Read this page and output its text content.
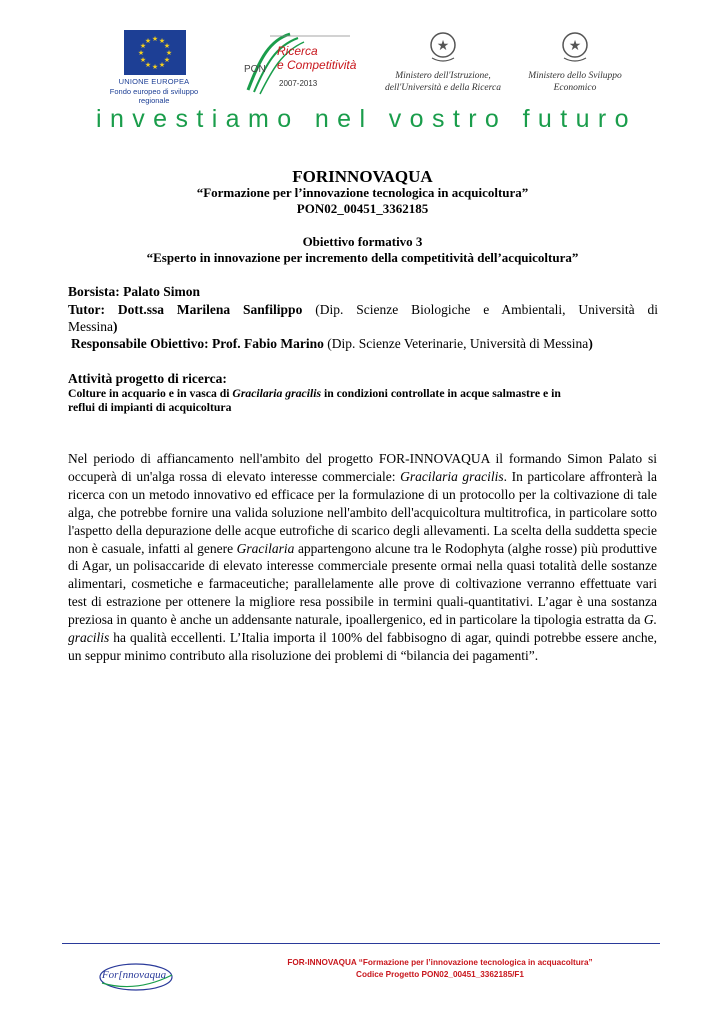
★ ★
★
★
★
★
★
★
★
★
★
★
UNIONE EUROPEA
Fondo europeo di sviluppo regionale
Ricerca
e Competitività
PON
2007-2013
★	★
Ministero dell'Istruzione, dell'Università e della Ricerca
Ministero dello Sviluppo Economico
investiamo nel vostro futuro
FORINNOVAQUA
“Formazione per l’innovazione tecnologica in acquicoltura”
PON02_00451_3362185
Obiettivo formativo 3
“Esperto in innovazione per incremento della competitività dell’acquicoltura”
Borsista: Palato Simon
Tutor: Dott.ssa Marilena Sanfilippo (Dip. Scienze Biologiche e Ambientali, Università di
Messina)
Responsabile Obiettivo: Prof. Fabio Marino (Dip. Scienze Veterinarie, Università di Messina)
Attività progetto di ricerca:
Colture in acquario e in vasca di Gracilaria gracilis in condizioni controllate in acque salmastre e in
reflui di impianti di acquicoltura
Nel periodo di affiancamento nell'ambito del progetto FOR-INNOVAQUA il formando Simon Palato si occuperà di un'alga rossa di elevato interesse commerciale: Gracilaria gracilis. In particolare affronterà la ricerca con un metodo innovativo ed efficace per la formulazione di un protocollo per la coltivazione di tale alga, che potrebbe fornire una valida soluzione nell'ambito dell'acquicoltura multitrofica, in particolare sotto l'aspetto della depurazione delle acque eutrofiche di scarico degli allevamenti. La scelta della suddetta specie non è casuale, infatti al genere Gracilaria appartengono alcune tra le Rodophyta (alghe rosse) più produttive di Agar, un polisaccaride di elevato interesse commerciale presente ormai nella quasi totalità delle sostanze alimentari, cosmetiche e farmaceutiche; parallelamente alle prove di coltivazione verranno effettuate vari test di estrazione per ottenere la migliore resa possibile in termini quali-quantitativi. L’agar è una sostanza preziosa in quanto è anche un addensante naturale, ipoallergenico, ed in particolare la tipologia estratta da G. gracilis ha qualità eccellenti. L’Italia importa il 100% del fabbisogno di agar, quindi potrebbe essere anche, un seppur minimo contributo alla risoluzione dei problemi di “bilancia dei pagamenti”.
For[nnovaqua
FOR-INNOVAQUA “Formazione per l’innovazione tecnologica in acquacoltura”
Codice Progetto PON02_00451_3362185/F1
